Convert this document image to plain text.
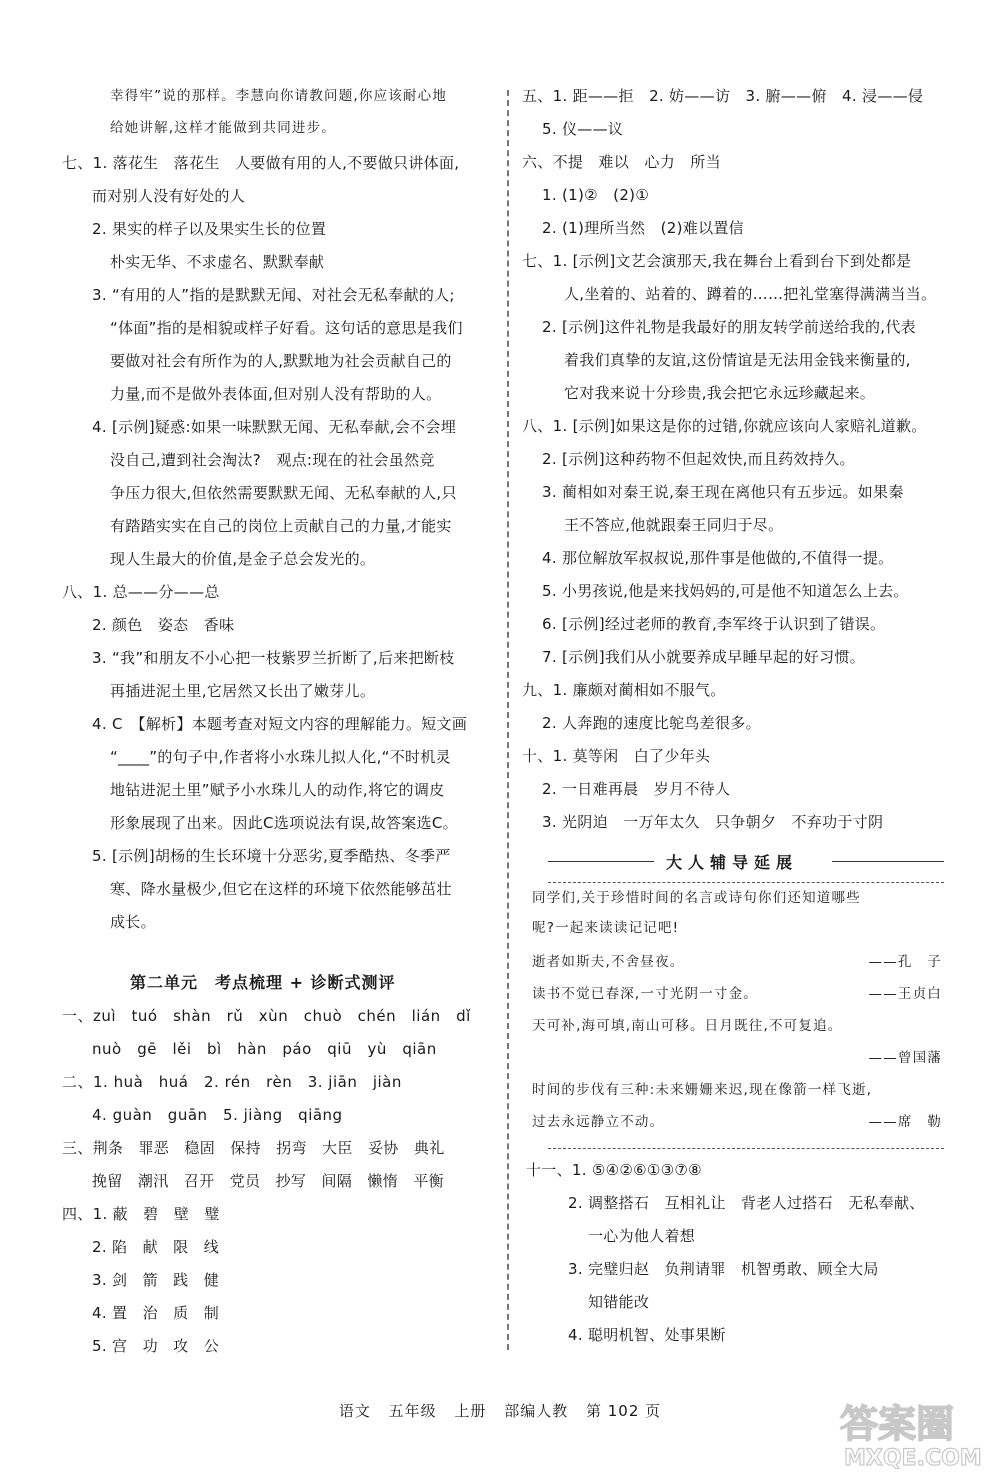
幸得牢”说的那样。李慧向你请教问题,你应该耐心地
给她讲解,这样才能做到共同进步。
七、1. 落花生　落花生　人要做有用的人,不要做只讲体面,
而对别人没有好处的人
2. 果实的样子以及果实生长的位置
朴实无华、不求虚名、默默奉献
3. “有用的人”指的是默默无闻、对社会无私奉献的人;
“体面”指的是相貌或样子好看。这句话的意思是我们
要做对社会有所作为的人,默默地为社会贡献自己的
力量,而不是做外表体面,但对别人没有帮助的人。
4. [示例]疑惑:如果一味默默无闻、无私奉献,会不会埋
没自己,遭到社会淘汰?　观点:现在的社会虽然竞
争压力很大,但依然需要默默无闻、无私奉献的人,只
有踏踏实实在自己的岗位上贡献自己的力量,才能实
现人生最大的价值,是金子总会发光的。
八、1. 总——分——总
2. 颜色　姿态　香味
3. “我”和朋友不小心把一枝紫罗兰折断了,后来把断枝
再插进泥土里,它居然又长出了嫩芽儿。
4. C　【解析】本题考查对短文内容的理解能力。短文画
“____”的句子中,作者将小水珠儿拟人化,“不时机灵
地钻进泥土里”赋予小水珠儿人的动作,将它的调皮
形象展现了出来。因此C选项说法有误,故答案选C。
5. [示例]胡杨的生长环境十分恶劣,夏季酷热、冬季严
寒、降水量极少,但它在这样的环境下依然能够茁壮
成长。
第二单元　考点梳理 + 诊断式测评
一、zuì　tuó　shàn　rǔ　xùn　chuò　chén　lián　dǐ
nuò　gē　lěi　bì　hàn　páo　qiū　yù　qiān
二、1. huà　huá　2. rén　rèn　3. jiān　jiàn
4. guàn　guān　5. jiàng　qiāng
三、荆条　罪恶　稳固　保持　拐弯　大臣　妥协　典礼
挽留　潮汛　召开　党员　抄写　间隔　懒惰　平衡
四、1. 蔽　碧　壁　璧
2. 陷　献　限　线
3. 剑　箭　践　健
4. 置　治　质　制
5. 宫　功　攻　公
五、1. 距——拒　2. 妨——访　3. 腑——俯　4. 浸——侵
5. 仪——议
六、不提　难以　心力　所当
1. (1)②　(2)①
2. (1)理所当然　(2)难以置信
七、1. [示例]文艺会演那天,我在舞台上看到台下到处都是
人,坐着的、站着的、蹲着的……把礼堂塞得满满当当。
2. [示例]这件礼物是我最好的朋友转学前送给我的,代表
着我们真挚的友谊,这份情谊是无法用金钱来衡量的,
它对我来说十分珍贵,我会把它永远珍藏起来。
八、1. [示例]如果这是你的过错,你就应该向人家赔礼道歉。
2. [示例]这种药物不但起效快,而且药效持久。
3. 蔺相如对秦王说,秦王现在离他只有五步远。如果秦
王不答应,他就跟秦王同归于尽。
4. 那位解放军叔叔说,那件事是他做的,不值得一提。
5. 小男孩说,他是来找妈妈的,可是他不知道怎么上去。
6. [示例]经过老师的教育,李军终于认识到了错误。
7. [示例]我们从小就要养成早睡早起的好习惯。
九、1. 廉颇对蔺相如不服气。
2. 人奔跑的速度比鸵鸟差很多。
十、1. 莫等闲　白了少年头
2. 一日难再晨　岁月不待人
3. 光阴迫　一万年太久　只争朝夕　不弃功于寸阴
同学们,关于珍惜时间的名言或诗句你们还知道哪些
呢?一起来读读记记吧!
逝者如斯夫,不舍昼夜。
读书不觉已春深,一寸光阴一寸金。
天可补,海可填,南山可移。日月既往,不可复追。
时间的步伐有三种:未来姗姗来迟,现在像箭一样飞逝,
过去永远静立不动。
十一、1. ⑤④②⑥①③⑦⑧
2. 调整搭石　互相礼让　背老人过搭石　无私奉献、
一心为他人着想
3. 完璧归赵　负荆请罪　机智勇敢、顾全大局
知错能改
4. 聪明机智、处事果断
——孔　子
——王贞白
——曾国藩
——席　勒
大人辅导延展
语文 五年级 上册 部编人教 第 102 页	答案圈
MXQE.COM
